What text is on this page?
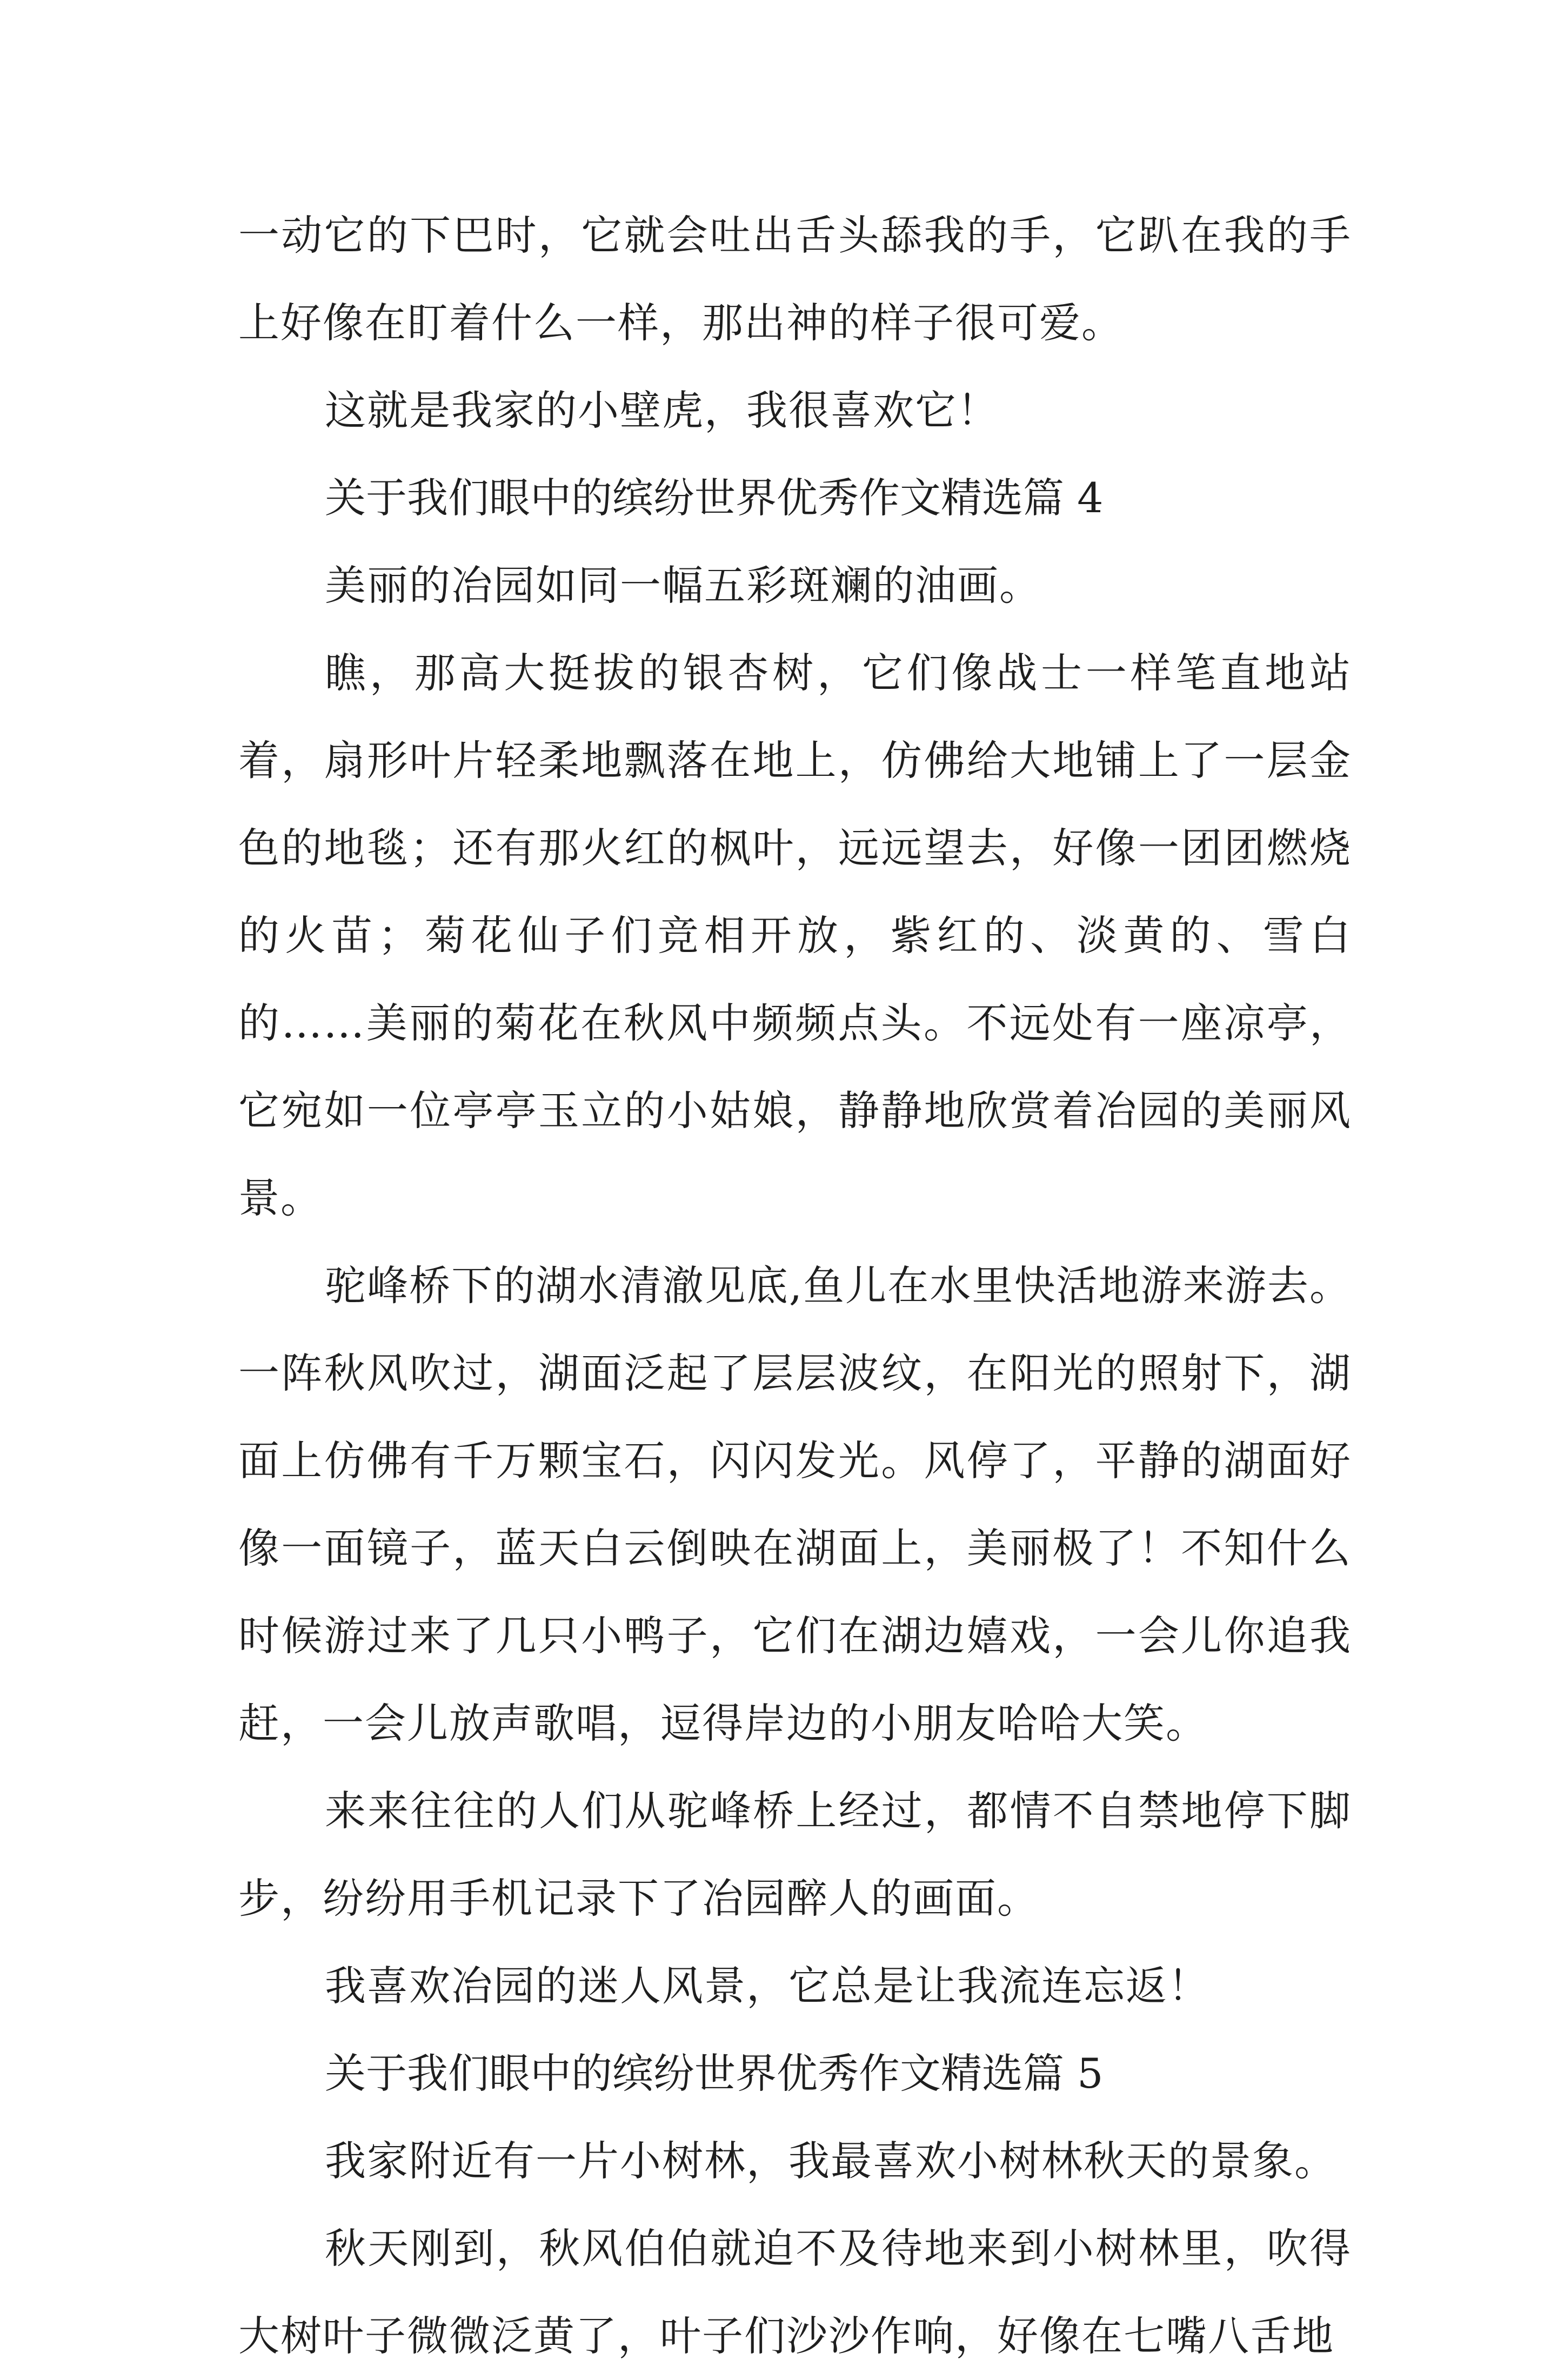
一动它的下巴时，它就会吐出舌头舔我的手，它趴在我的手上好像在盯着什么一样，那出神的样子很可爱。

这就是我家的小壁虎，我很喜欢它！

关于我们眼中的缤纷世界优秀作文精选篇 4

美丽的冶园如同一幅五彩斑斓的油画。

瞧，那高大挺拔的银杏树，它们像战士一样笔直地站着，扇形叶片轻柔地飘落在地上，仿佛给大地铺上了一层金色的地毯；还有那火红的枫叶，远远望去，好像一团团燃烧的火苗；菊花仙子们竞相开放，紫红的、淡黄的、雪白的……美丽的菊花在秋风中频频点头。不远处有一座凉亭，它宛如一位亭亭玉立的小姑娘，静静地欣赏着冶园的美丽风景。

驼峰桥下的湖水清澈见底,鱼儿在水里快活地游来游去。一阵秋风吹过，湖面泛起了层层波纹，在阳光的照射下，湖面上仿佛有千万颗宝石，闪闪发光。风停了，平静的湖面好像一面镜子，蓝天白云倒映在湖面上，美丽极了！不知什么时候游过来了几只小鸭子，它们在湖边嬉戏，一会儿你追我赶，一会儿放声歌唱，逗得岸边的小朋友哈哈大笑。

来来往往的人们从驼峰桥上经过，都情不自禁地停下脚步，纷纷用手机记录下了冶园醉人的画面。

我喜欢冶园的迷人风景，它总是让我流连忘返！

关于我们眼中的缤纷世界优秀作文精选篇 5

我家附近有一片小树林，我最喜欢小树林秋天的景象。

秋天刚到，秋风伯伯就迫不及待地来到小树林里，吹得大树叶子微微泛黄了，叶子们沙沙作响，好像在七嘴八舌地
